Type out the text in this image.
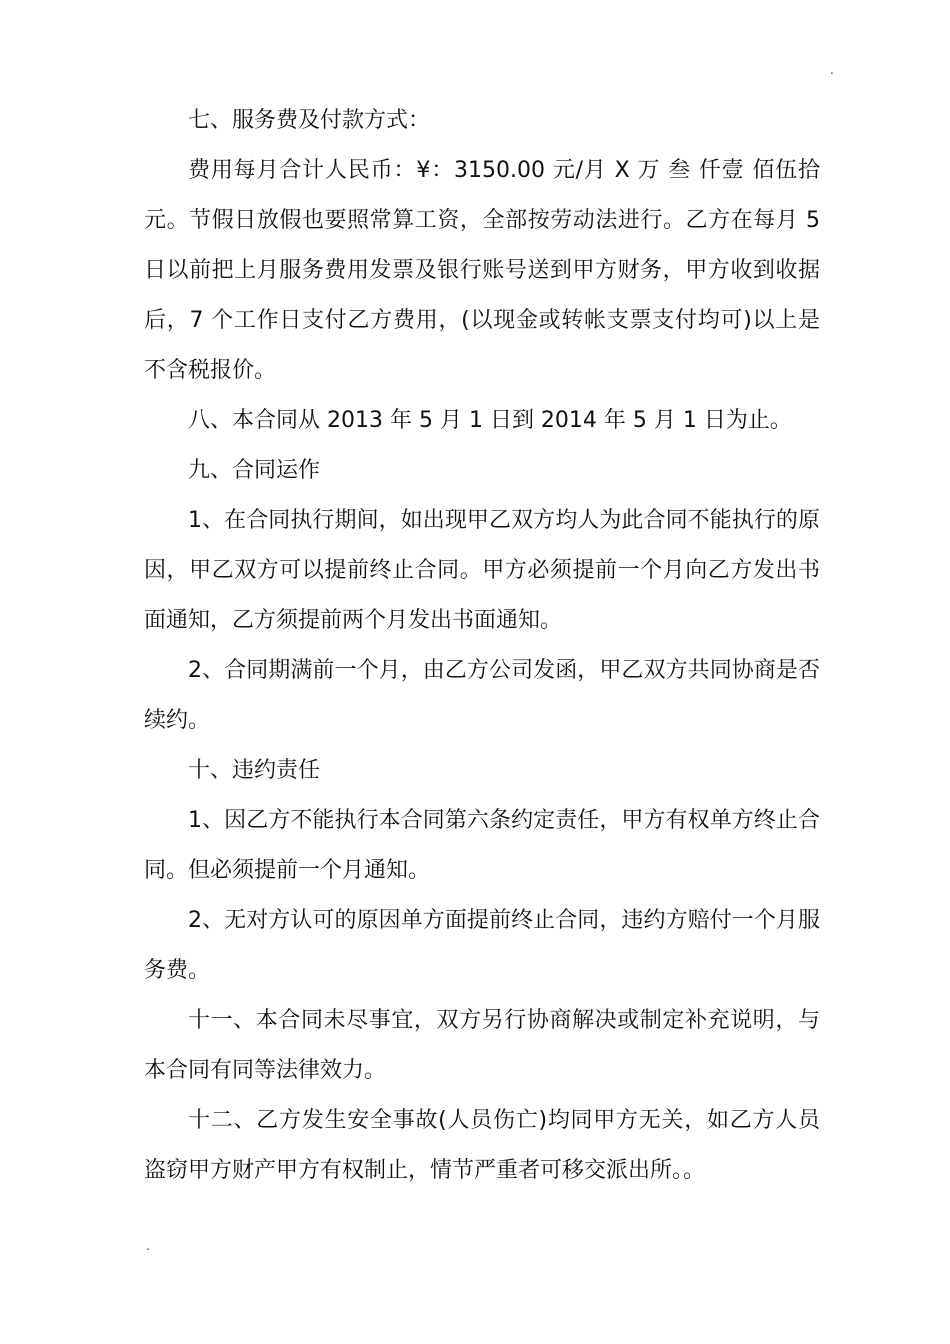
.

七、服务费及付款方式：

费用每月合计人民币：¥：3150.00 元/月 X 万 叁 仟壹 佰伍拾元。节假日放假也要照常算工资，全部按劳动法进行。乙方在每月 5 日以前把上月服务费用发票及银行账号送到甲方财务，甲方收到收据后，7 个工作日支付乙方费用，(以现金或转帐支票支付均可)以上是不含税报价。

八、本合同从 2013 年 5 月 1 日到 2014 年 5 月 1 日为止。

九、合同运作

1、在合同执行期间，如出现甲乙双方均人为此合同不能执行的原因，甲乙双方可以提前终止合同。甲方必须提前一个月向乙方发出书面通知，乙方须提前两个月发出书面通知。

2、合同期满前一个月，由乙方公司发函，甲乙双方共同协商是否续约。

十、违约责任

1、因乙方不能执行本合同第六条约定责任，甲方有权单方终止合同。但必须提前一个月通知。

2、无对方认可的原因单方面提前终止合同，违约方赔付一个月服务费。

十一、本合同未尽事宜，双方另行协商解决或制定补充说明，与本合同有同等法律效力。

十二、乙方发生安全事故(人员伤亡)均同甲方无关，如乙方人员盗窃甲方财产甲方有权制止，情节严重者可移交派出所。。

.
